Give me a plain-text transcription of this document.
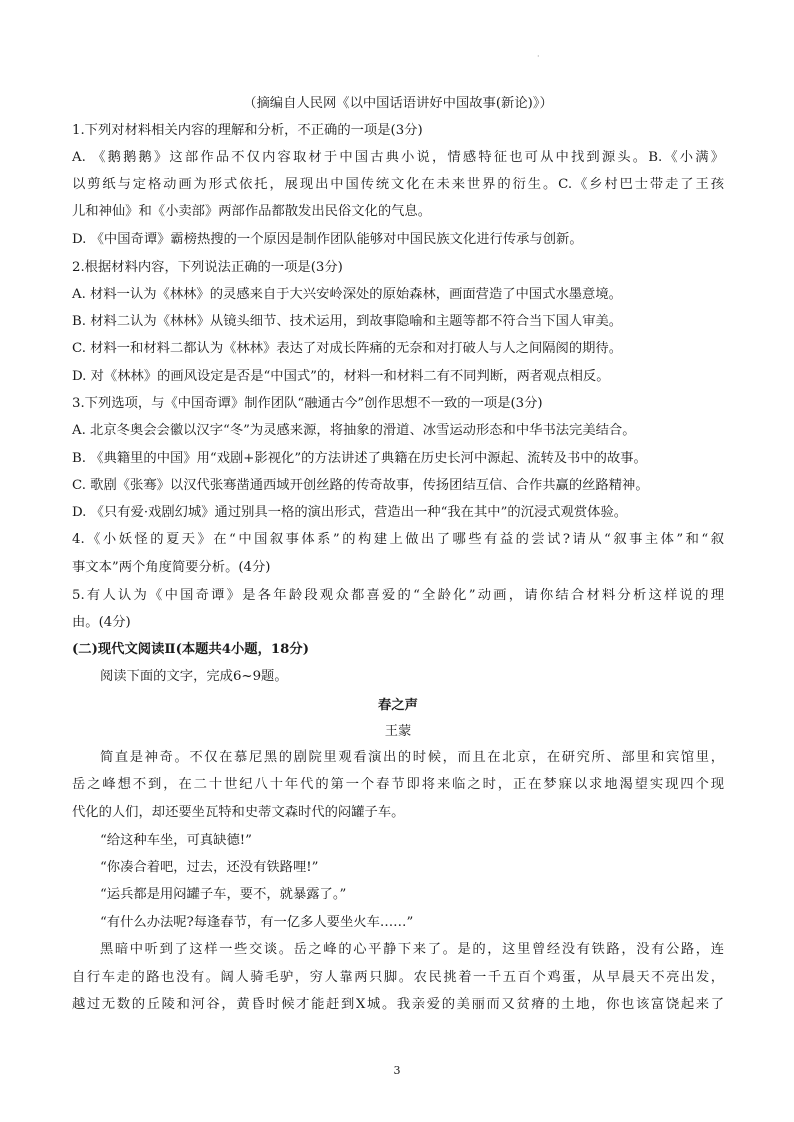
·
（摘编自人民网《以中国话语讲好中国故事(新论)》）
1.下列对材料相关内容的理解和分析，不正确的一项是(3分)
A. 《鹅鹅鹅》这部作品不仅内容取材于中国古典小说，情感特征也可从中找到源头。B.《小满》
以剪纸与定格动画为形式依托，展现出中国传统文化在未来世界的衍生。C.《乡村巴士带走了王孩
儿和神仙》和《小卖部》两部作品都散发出民俗文化的气息。
D. 《中国奇谭》霸榜热搜的一个原因是制作团队能够对中国民族文化进行传承与创新。
2.根据材料内容，下列说法正确的一项是(3分)
A. 材料一认为《林林》的灵感来自于大兴安岭深处的原始森林，画面营造了中国式水墨意境。
B. 材料二认为《林林》从镜头细节、技术运用，到故事隐喻和主题等都不符合当下国人审美。
C. 材料一和材料二都认为《林林》表达了对成长阵痛的无奈和对打破人与人之间隔阂的期待。
D. 对《林林》的画风设定是否是“中国式”的，材料一和材料二有不同判断，两者观点相反。
3.下列选项，与《中国奇谭》制作团队“融通古今”创作思想不一致的一项是(3分)
A. 北京冬奥会会徽以汉字“冬”为灵感来源，将抽象的滑道、冰雪运动形态和中华书法完美结合。
B. 《典籍里的中国》用“戏剧+影视化”的方法讲述了典籍在历史长河中源起、流转及书中的故事。
C. 歌剧《张骞》以汉代张骞凿通西域开创丝路的传奇故事，传扬团结互信、合作共赢的丝路精神。
D. 《只有爱·戏剧幻城》通过别具一格的演出形式，营造出一种“我在其中”的沉浸式观赏体验。
4.《小妖怪的夏天》在“中国叙事体系”的构建上做出了哪些有益的尝试?请从“叙事主体”和“叙
事文本”两个角度简要分析。(4分)
5.有人认为《中国奇谭》是各年龄段观众都喜爱的“全龄化”动画，请你结合材料分析这样说的理
由。(4分)
(二)现代文阅读Ⅱ(本题共4小题，18分)
阅读下面的文字，完成6~9题。
春之声
王蒙
简直是神奇。不仅在慕尼黑的剧院里观看演出的时候，而且在北京，在研究所、部里和宾馆里，
岳之峰想不到，在二十世纪八十年代的第一个春节即将来临之时，正在梦寐以求地渴望实现四个现
代化的人们，却还要坐瓦特和史蒂文森时代的闷罐子车。
“给这种车坐，可真缺德!”
“你凑合着吧，过去，还没有铁路哩!”
“运兵都是用闷罐子车，要不，就暴露了。”
“有什么办法呢?每逢春节，有一亿多人要坐火车……”
黑暗中听到了这样一些交谈。岳之峰的心平静下来了。是的，这里曾经没有铁路，没有公路，连
自行车走的路也没有。阔人骑毛驴，穷人靠两只脚。农民挑着一千五百个鸡蛋，从早晨天不亮出发，
越过无数的丘陵和河谷，黄昏时候才能赶到X城。我亲爱的美丽而又贫瘠的土地，你也该富饶起来了
3
